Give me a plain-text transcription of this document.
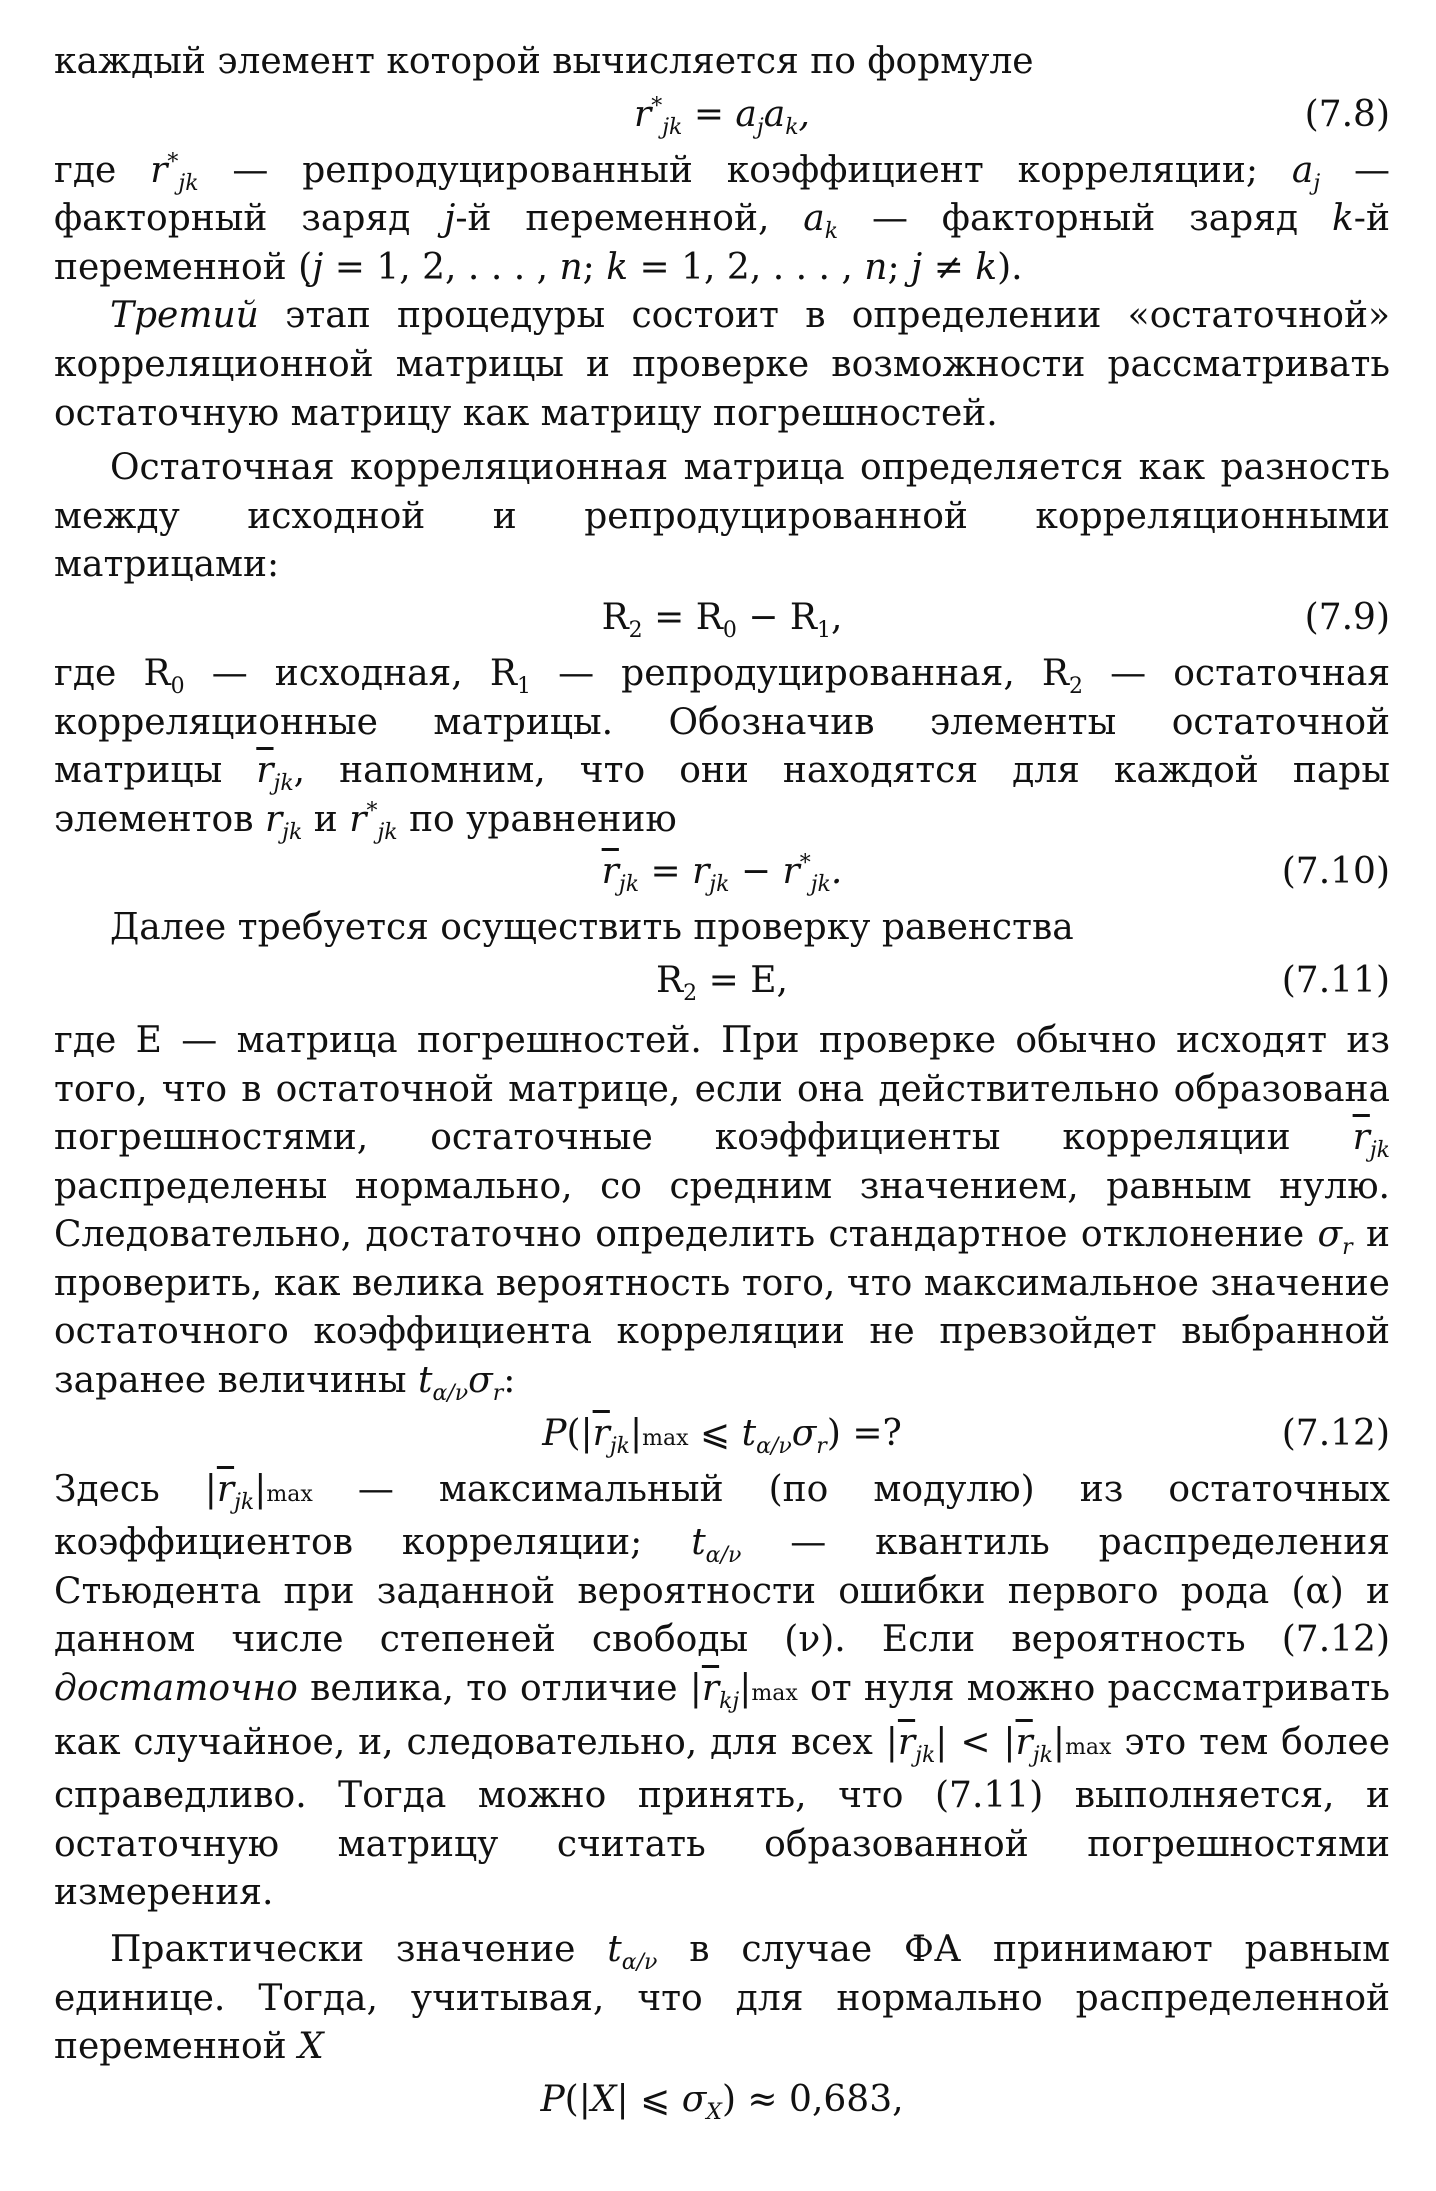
каждый элемент которой вычисляется по формуле

$r^*_{jk} = a_ja_k$,	(7.8)

где $r^*_{jk}$ — репродуцированный коэффициент корреляции; $a_j$ — факторный заряд j-й переменной, $a_k$ — факторный заряд k-й переменной (j = 1, 2, . . . , n; k = 1, 2, . . . , n; j ≠ k).

Третий этап процедуры состоит в определении «остаточной» корреляционной матрицы и проверке возможности рассматривать остаточную матрицу как матрицу погрешностей.

Остаточная корреляционная матрица определяется как разность между исходной и репродуцированной корреляционными матрицами:

$R_2 = R_0 - R_1$,	(7.9)

где $R_0$ — исходная, $R_1$ — репродуцированная, $R_2$ — остаточная корреляционные матрицы. Обозначив элементы остаточной матрицы $\overline{r}_{jk}$, напомним, что они находятся для каждой пары элементов $r_{jk}$ и $r^*_{jk}$ по уравнению

$\overline{r}_{jk} = r_{jk} - r^*_{jk}$.	(7.10)

Далее требуется осуществить проверку равенства

$R_2 = E$,	(7.11)

где E — матрица погрешностей. При проверке обычно исходят из того, что в остаточной матрице, если она действительно образована погрешностями, остаточные коэффициенты корреляции $\overline{r}_{jk}$ распределены нормально, со средним значением, равным нулю. Следовательно, достаточно определить стандартное отклонение $\sigma_r$ и проверить, как велика вероятность того, что максимальное значение остаточного коэффициента корреляции не превзойдет выбранной заранее величины $t_{\alpha/\nu}\sigma_r$:

$P(|\overline{r}_{jk}|\max$ ⩽ $t_{\alpha/\nu}\sigma_r$) =?	(7.12)

Здесь $|\overline{r}_{jk}|\max$ — максимальный (по модулю) из остаточных коэффициентов корреляции; $t_{\alpha/\nu}$ — квантиль распределения Стьюдента при заданной вероятности ошибки первого рода (α) и данном числе степеней свободы (ν). Если вероятность (7.12) достаточно велика, то отличие $|\overline{r}_{kj}|\max$ от нуля можно рассматривать как случайное, и, следовательно, для всех $|\overline{r}_{jk}| < |\overline{r}_{jk}|\max$ это тем более справедливо. Тогда можно принять, что (7.11) выполняется, и остаточную матрицу считать образованной погрешностями измерения.

Практически значение $t_{\alpha/\nu}$ в случае ФА принимают равным единице. Тогда, учитывая, что для нормально распределенной переменной X

P(|X| ⩽ $\sigma_X) \approx 0,683$,
